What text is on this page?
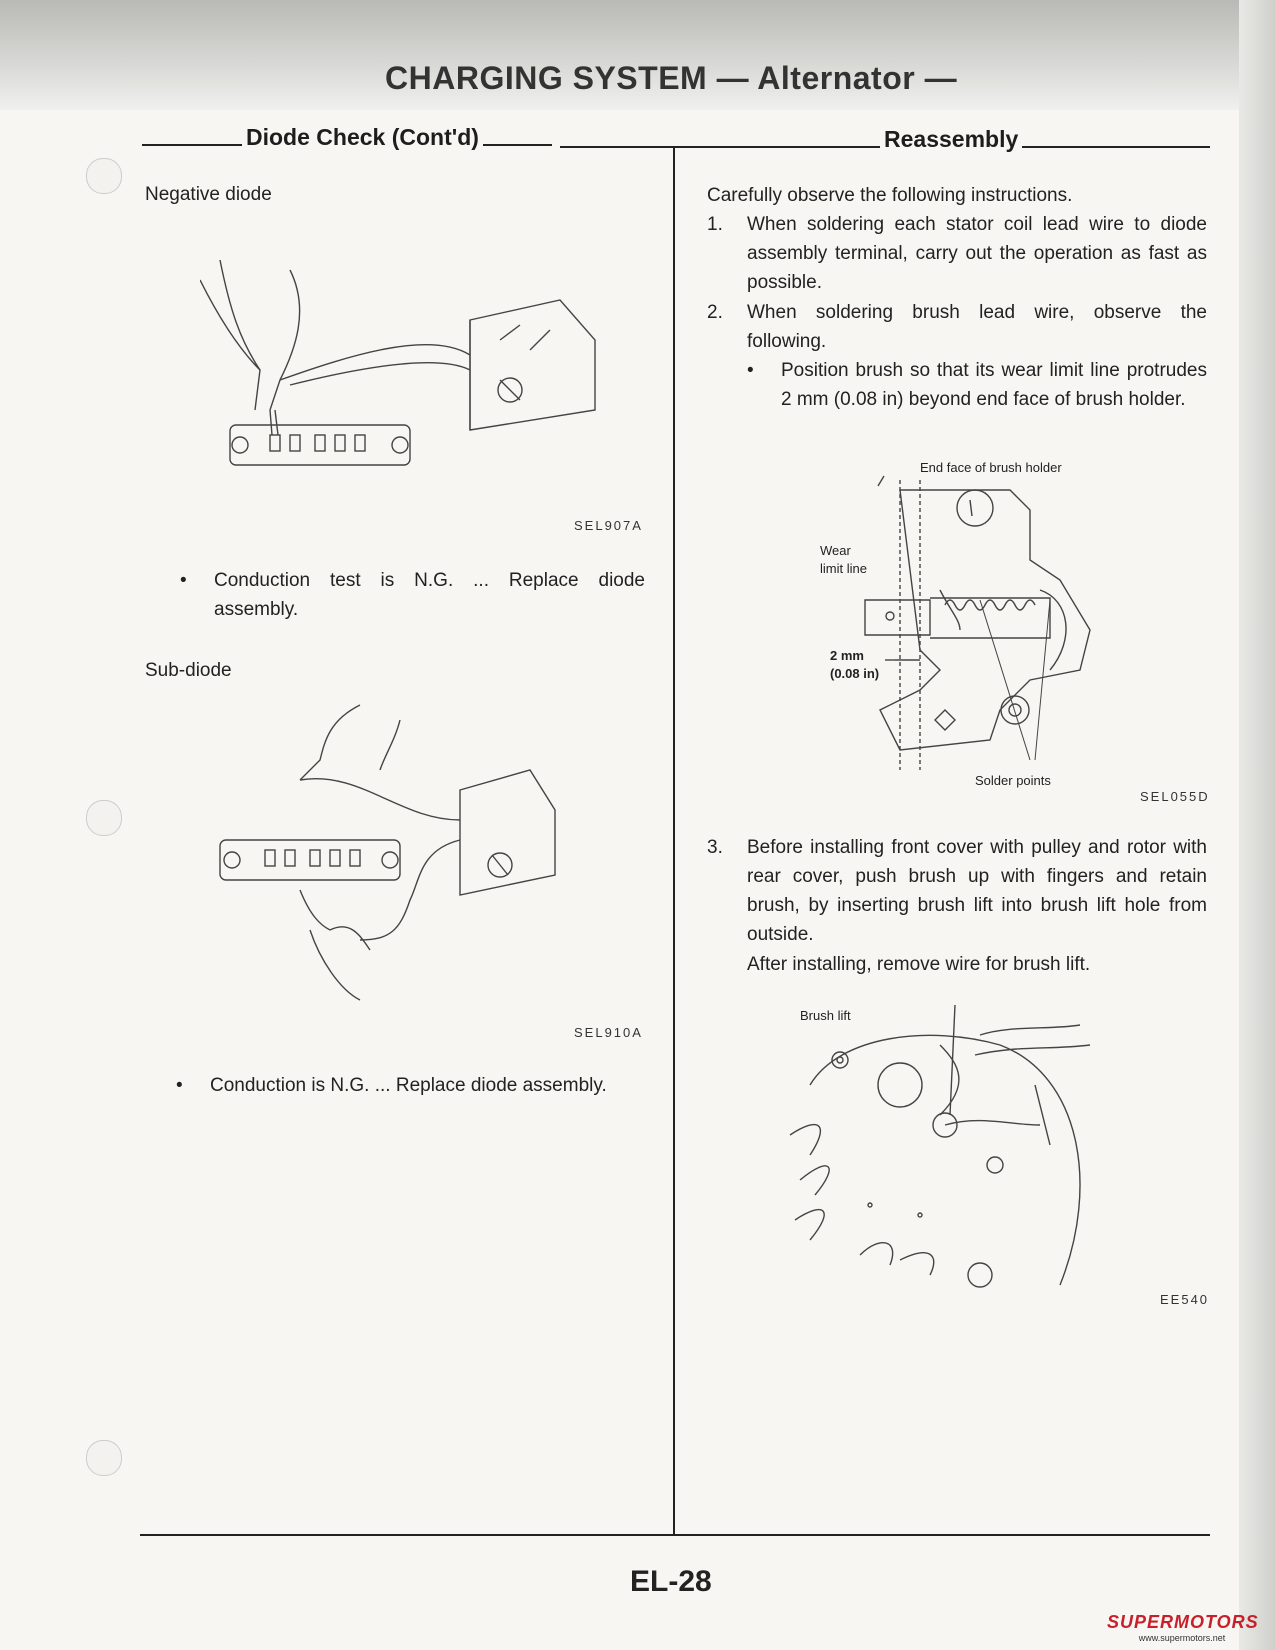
CHARGING SYSTEM — Alternator —
Diode Check (Cont'd)	Reassembly
Negative diode
SEL907A
•	Conduction test is N.G. ... Replace diode assembly.
Sub-diode
SEL910A
•	Conduction is N.G. ... Replace diode assembly.
Carefully observe the following instructions.
1.	When soldering each stator coil lead wire to diode assembly terminal, carry out the operation as fast as possible.
2.	When soldering brush lead wire, observe the following.
•	Position brush so that its wear limit line protrudes 2 mm (0.08 in) beyond end face of brush holder.
End face of brush holder
Wear
limit line
2 mm
(0.08 in)
Solder points
SEL055D
3.	Before installing front cover with pulley and rotor with rear cover, push brush up with fingers and retain brush, by inserting brush lift into brush lift hole from outside.
After installing, remove wire for brush lift.
Brush lift
EE540
EL-28
SUPERMOTORS
www.supermotors.net
